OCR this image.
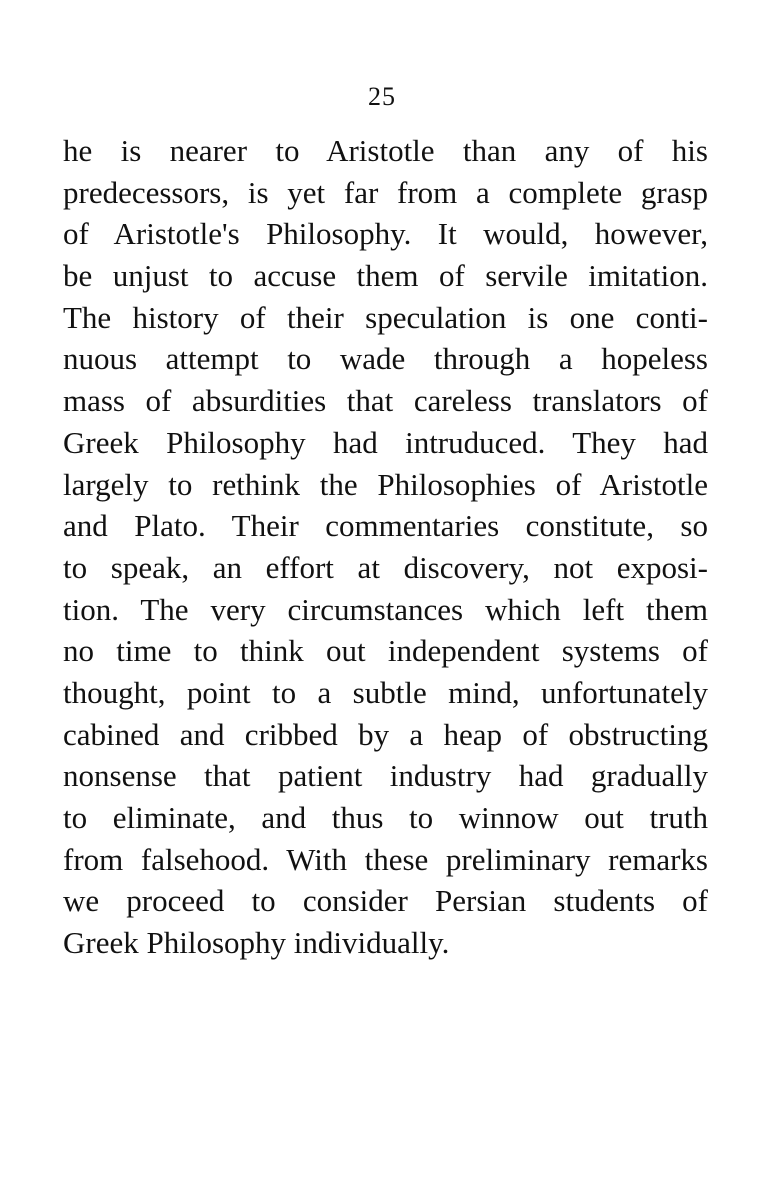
25
he is nearer to Aristotle than any of his
predecessors, is yet far from a complete grasp
of Aristotle's Philosophy. It would, however,
be unjust to accuse them of servile imitation.
The history of their speculation is one conti-
nuous attempt to wade through a hopeless
mass of absurdities that careless translators of
Greek Philosophy had intruduced. They had
largely to rethink the Philosophies of Aristotle
and Plato. Their commentaries constitute, so
to speak, an effort at discovery, not exposi-
tion. The very circumstances which left them
no time to think out independent systems of
thought, point to a subtle mind, unfortunately
cabined and cribbed by a heap of obstructing
nonsense that patient industry had gradually
to eliminate, and thus to winnow out truth
from falsehood. With these preliminary remarks
we proceed to consider Persian students of
Greek Philosophy individually.
